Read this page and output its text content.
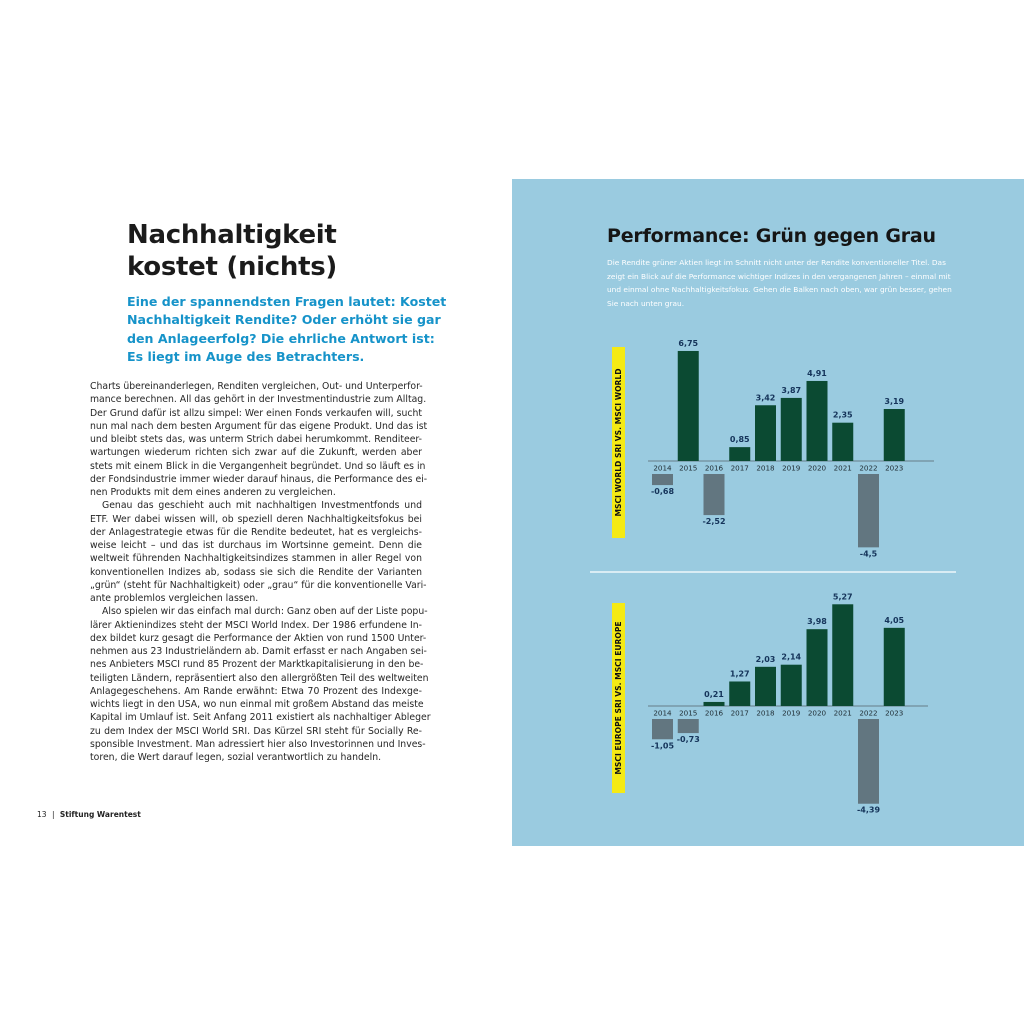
Nachhaltigkeit
kostet (nichts)

Eine der spannendsten Fragen lautet: Kostet
Nachhaltigkeit Rendite? Oder erhöht sie gar
den Anlageerfolg? Die ehrliche Antwort ist:
Es liegt im Auge des Betrachters.

Charts übereinanderlegen, Renditen vergleichen, Out- und Unterperfor-
mance berechnen. All das gehört in der Investmentindustrie zum Alltag.
Der Grund dafür ist allzu simpel: Wer einen Fonds verkaufen will, sucht
nun mal nach dem besten Argument für das eigene Produkt. Und das ist
und bleibt stets das, was unterm Strich dabei herumkommt. Renditeer-
wartungen wiederum richten sich zwar auf die Zukunft, werden aber
stets mit einem Blick in die Vergangenheit begründet. Und so läuft es in
der Fondsindustrie immer wieder darauf hinaus, die Performance des ei-
nen Produkts mit dem eines anderen zu vergleichen.
Genau das geschieht auch mit nachhaltigen Investmentfonds und
ETF. Wer dabei wissen will, ob speziell deren Nachhaltigkeitsfokus bei
der Anlagestrategie etwas für die Rendite bedeutet, hat es vergleichs-
weise leicht – und das ist durchaus im Wortsinne gemeint. Denn die
weltweit führenden Nachhaltigkeitsindizes stammen in aller Regel von
konventionellen Indizes ab, sodass sie sich die Rendite der Varianten
„grün“ (steht für Nachhaltigkeit) oder „grau“ für die konventionelle Vari-
ante problemlos vergleichen lassen.
Also spielen wir das einfach mal durch: Ganz oben auf der Liste popu-
lärer Aktienindizes steht der MSCI World Index. Der 1986 erfundene In-
dex bildet kurz gesagt die Performance der Aktien von rund 1500 Unter-
nehmen aus 23 Industrieländern ab. Damit erfasst er nach Angaben sei-
nes Anbieters MSCI rund 85 Prozent der Marktkapitalisierung in den be-
teiligten Ländern, repräsentiert also den allergrößten Teil des weltweiten
Anlagegeschehens. Am Rande erwähnt: Etwa 70 Prozent des Indexge-
wichts liegt in den USA, wo nun einmal mit großem Abstand das meiste
Kapital im Umlauf ist. Seit Anfang 2011 existiert als nachhaltiger Ableger
zu dem Index der MSCI World SRI. Das Kürzel SRI steht für Socially Re-
sponsible Investment. Man adressiert hier also Investorinnen und Inves-
toren, die Wert darauf legen, sozial verantwortlich zu handeln.
13 | Stiftung Warentest
Performance: Grün gegen Grau
Die Rendite grüner Aktien liegt im Schnitt nicht unter der Rendite konventioneller Titel. Das
zeigt ein Blick auf die Performance wichtiger Indizes in den vergangenen Jahren – einmal mit
und einmal ohne Nachhaltigkeitsfokus. Gehen die Balken nach oben, war grün besser, gehen
Sie nach unten grau.
MSCI WORLD SRI VS. MSCI WORLD	2014
-0,68
2015
6,75
2016
-2,52
2017
0,85
2018
3,42
2019
3,87
2020
4,91
2021
2,35
2022
-4,5
2023
3,19
MSCI EUROPE SRI VS. MSCI EUROPE	2014
-1,05
2015
-0,73
2016
0,21
2017
1,27
2018
2,03
2019
2,14
2020
3,98
2021
5,27
2022
-4,39
2023
4,05
